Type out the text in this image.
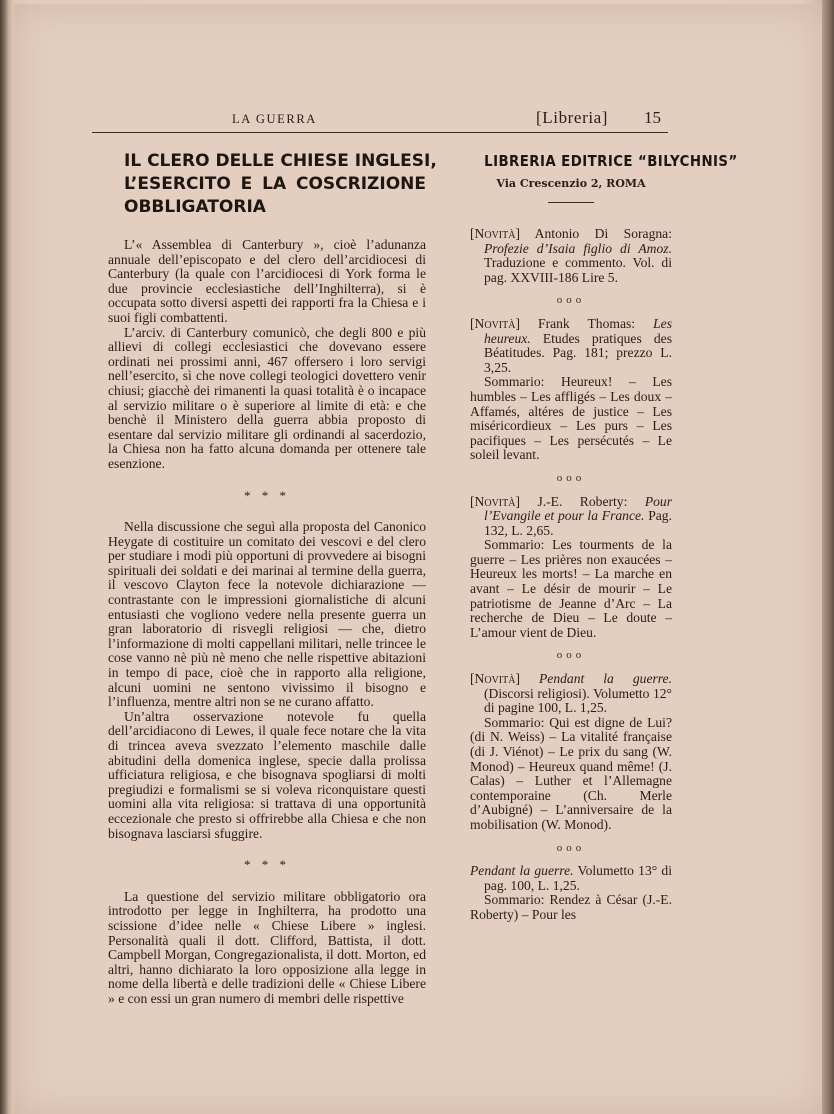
LA GUERRA	[Libreria] 15
IL CLERO DELLE CHIESE INGLESI,
L’ESERCITO E LA COSCRIZIONE
OBBLIGATORIA

L’« Assemblea di Canterbury », cioè l’adunanza annuale dell’episcopato e del clero dell’arcidiocesi di Canterbury (la quale con l’arcidiocesi di York forma le due provincie ecclesiastiche dell’Inghilterra), si è occupata sotto diversi aspetti dei rapporti fra la Chiesa e i suoi figli combattenti.

L’arciv. di Canterbury comunicò, che degli 800 e più allievi di collegi ecclesiastici che dovevano essere ordinati nei prossimi anni, 467 offersero i loro servigi nell’esercito, sì che nove collegi teologici dovettero venir chiusi; giacchè dei rimanenti la quasi totalità è o incapace al servizio militare o è superiore al limite di età: e che benchè il Ministero della guerra abbia proposto di esentare dal servizio militare gli ordinandi al sacerdozio, la Chiesa non ha fatto alcuna domanda per ottenere tale esenzione.

* * *

Nella discussione che seguì alla proposta del Canonico Heygate di costituire un comitato dei vescovi e del clero per studiare i modi più opportuni di provvedere ai bisogni spirituali dei soldati e dei marinai al termine della guerra, il vescovo Clayton fece la notevole dichiarazione — contrastante con le impressioni giornalistiche di alcuni entusiasti che vogliono vedere nella presente guerra un gran laboratorio di risvegli religiosi — che, dietro l’informazione di molti cappellani militari, nelle trincee le cose vanno nè più nè meno che nelle rispettive abitazioni in tempo di pace, cioè che in rapporto alla religione, alcuni uomini ne sentono vivissimo il bisogno e l’influenza, mentre altri non se ne curano affatto.

Un’altra osservazione notevole fu quella dell’arcidiacono di Lewes, il quale fece notare che la vita di trincea aveva svezzato l’elemento maschile dalle abitudini della domenica inglese, specie dalla prolissa ufficiatura religiosa, e che bisognava spogliarsi di molti pregiudizi e formalismi se si voleva riconquistare questi uomini alla vita religiosa: si trattava di una opportunità eccezionale che presto si offrirebbe alla Chiesa e che non bisognava lasciarsi sfuggire.

* * *

La questione del servizio militare obbligatorio ora introdotto per legge in Inghilterra, ha prodotto una scissione d’idee nelle « Chiese Libere » inglesi. Personalità quali il dott. Clifford, Battista, il dott. Campbell Morgan, Congregazionalista, il dott. Morton, ed altri, hanno dichiarato la loro opposizione alla legge in nome della libertà e delle tradizioni delle « Chiese Libere » e con essi un gran numero di membri delle rispettive

LIBRERIA EDITRICE “BILYCHNIS”
Via Crescenzio 2, ROMA
[Novità] Antonio Di Soragna: Profezie d’Isaia figlio di Amoz. Traduzione e commento. Vol. di pag. XXVIII-186 Lire 5.
ooo
[Novità] Frank Thomas: Les heureux. Etudes pratiques des Béatitudes. Pag. 181; prezzo L. 3,25.
Sommario: Heureux! – Les humbles – Les affligés – Les doux – Affamés, altéres de justice – Les miséricordieux – Les purs – Les pacifiques – Les persécutés – Le soleil levant.
ooo
[Novità] J.-E. Roberty: Pour l’Evangile et pour la France. Pag. 132, L. 2,65.
Sommario: Les tourments de la guerre – Les prières non exaucées – Heureux les morts! – La marche en avant – Le désir de mourir – Le patriotisme de Jeanne d’Arc – La recherche de Dieu – Le doute – L’amour vient de Dieu.
ooo
[Novità] Pendant la guerre. (Discorsi religiosi). Volumetto 12° di pagine 100, L. 1,25.
Sommario: Qui est digne de Lui? (di N. Weiss) – La vitalité française (di J. Viénot) – Le prix du sang (W. Monod) – Heureux quand même! (J. Calas) – Luther et l’Allemagne contemporaine (Ch. Merle d’Aubigné) – L’anniversaire de la mobilisation (W. Monod).
ooo
Pendant la guerre. Volumetto 13° di pag. 100, L. 1,25.
Sommario: Rendez à César (J.-E. Roberty) – Pour les
